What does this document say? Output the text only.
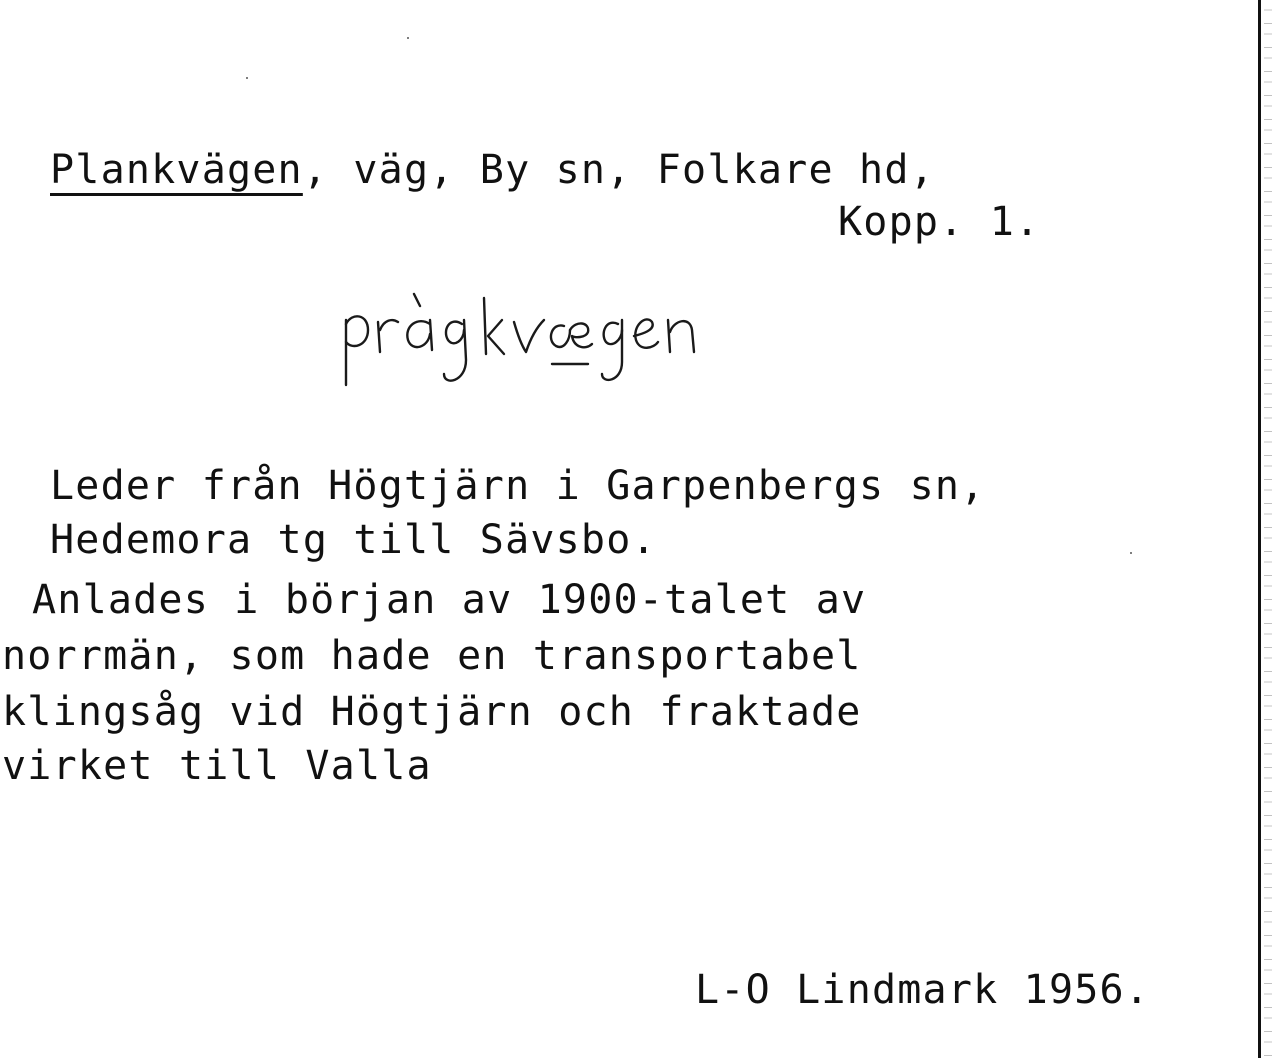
Plankvägen, väg, By sn, Folkare hd,
Kopp. 1.
Leder från Högtjärn i Garpenbergs sn,
Hedemora tg till Sävsbo.
Anlades i början av 1900-talet av
norrmän, som hade en transportabel
klingsåg vid Högtjärn och fraktade
virket till Valla
L-O Lindmark 1956.
